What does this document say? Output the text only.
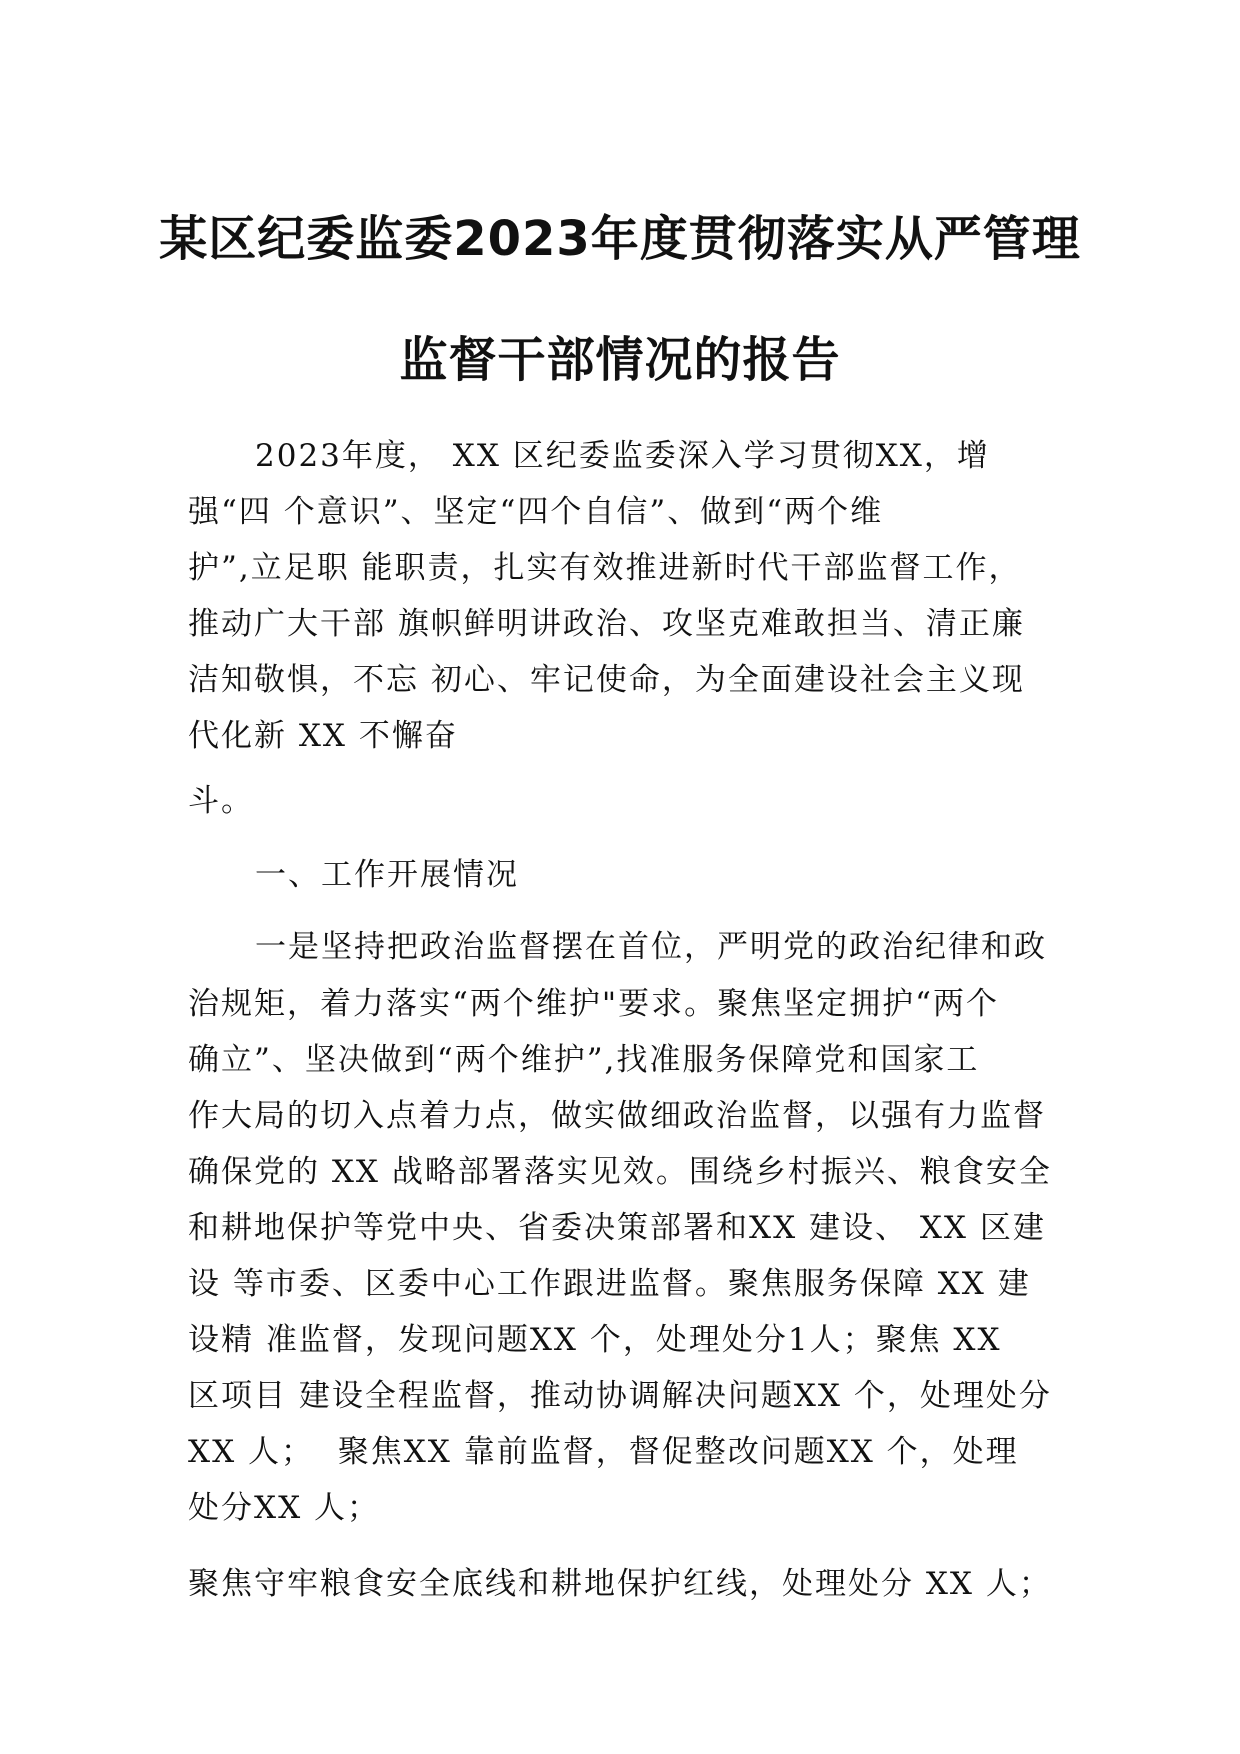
某区纪委监委2023年度贯彻落实从严管理
监督干部情况的报告
2023年度， XX 区纪委监委深入学习贯彻XX，增
强“四 个意识”、坚定“四个自信”、做到“两个维
护”,立足职 能职责，扎实有效推进新时代干部监督工作，
推动广大干部 旗帜鲜明讲政治、攻坚克难敢担当、清正廉
洁知敬惧，不忘 初心、牢记使命，为全面建设社会主义现
代化新 XX 不懈奋
斗。
一、工作开展情况
一是坚持把政治监督摆在首位，严明党的政治纪律和政
治规矩，着力落实“两个维护"要求。聚焦坚定拥护“两个
确立”、坚决做到“两个维护”,找准服务保障党和国家工
作大局的切入点着力点，做实做细政治监督，以强有力监督
确保党的 XX 战略部署落实见效。围绕乡村振兴、粮食安全
和耕地保护等党中央、省委决策部署和XX 建设、 XX 区建
设 等市委、区委中心工作跟进监督。聚焦服务保障 XX 建
设精 准监督，发现问题XX 个，处理处分1人；聚焦 XX
区项目 建设全程监督，推动协调解决问题XX 个，处理处分
XX 人；  聚焦XX 靠前监督，督促整改问题XX 个，处理
处分XX 人；
聚焦守牢粮食安全底线和耕地保护红线，处理处分 XX 人；
